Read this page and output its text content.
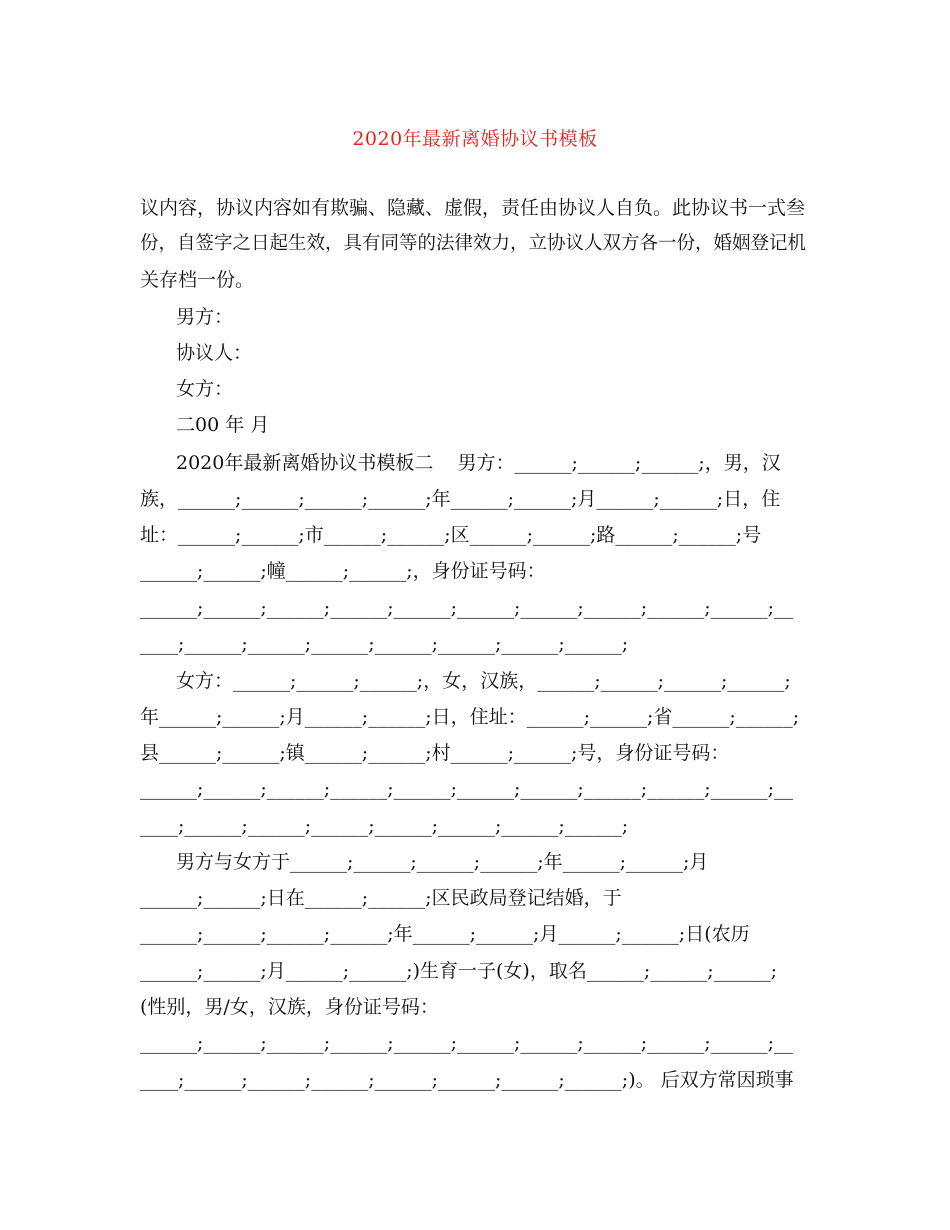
2020年最新离婚协议书模板
议内容，协议内容如有欺骗、隐藏、虚假，责任由协议人自负。此协议书一式叁
份，自签字之日起生效，具有同等的法律效力，立协议人双方各一份，婚姻登记机
关存档一份。
男方：
协议人：
女方：
二00 年 月
2020年最新离婚协议书模板二    男方：______;______;______;，男，汉
族，______;______;______;______;年______;______;月______;______;日，住
址：______;______;市______;______;区______;______;路______;______;号
______;______;幢______;______;，身份证号码：
______;______;______;______;______;______;______;______;______;______;__
____;______;______;______;______;______;______;______;
女方：______;______;______;，女，汉族，______;______;______;______;
年______;______;月______;______;日，住址：______;______;省______;______;
县______;______;镇______;______;村______;______;号，身份证号码：
______;______;______;______;______;______;______;______;______;______;__
____;______;______;______;______;______;______;______;
男方与女方于______;______;______;______;年______;______;月
______;______;日在______;______;区民政局登记结婚，于
______;______;______;______;年______;______;月______;______;日(农历
______;______;月______;______;)生育一子(女)，取名______;______;______;
(性别，男/女，汉族，身份证号码：
______;______;______;______;______;______;______;______;______;______;__
____;______;______;______;______;______;______;______;)。 后双方常因琐事
